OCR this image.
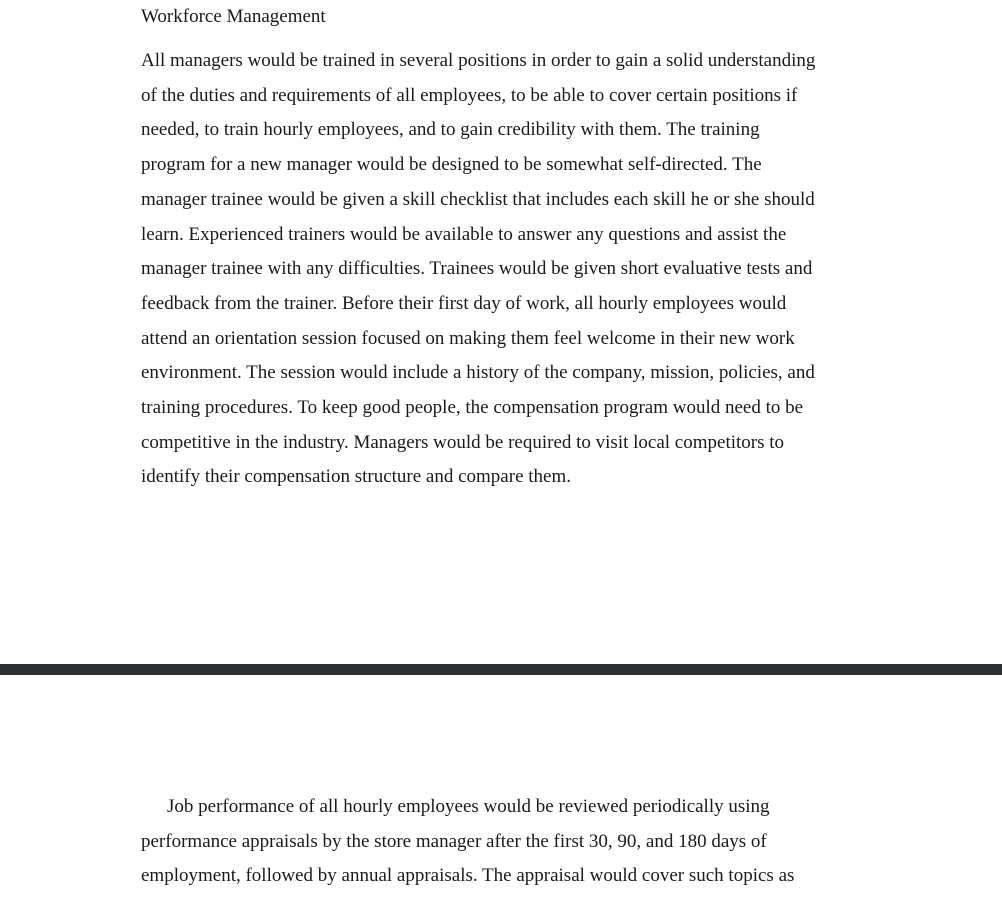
Workforce Management

All managers would be trained in several positions in order to gain a solid understanding
of the duties and requirements of all employees, to be able to cover certain positions if
needed, to train hourly employees, and to gain credibility with them. The training
program for a new manager would be designed to be somewhat self-directed. The
manager trainee would be given a skill checklist that includes each skill he or she should
learn. Experienced trainers would be available to answer any questions and assist the
manager trainee with any difficulties. Trainees would be given short evaluative tests and
feedback from the trainer. Before their first day of work, all hourly employees would
attend an orientation session focused on making them feel welcome in their new work
environment. The session would include a history of the company, mission, policies, and
training procedures. To keep good people, the compensation program would need to be
competitive in the industry. Managers would be required to visit local competitors to
identify their compensation structure and compare them.

Job performance of all hourly employees would be reviewed periodically using
performance appraisals by the store manager after the first 30, 90, and 180 days of
employment, followed by annual appraisals. The appraisal would cover such topics as
